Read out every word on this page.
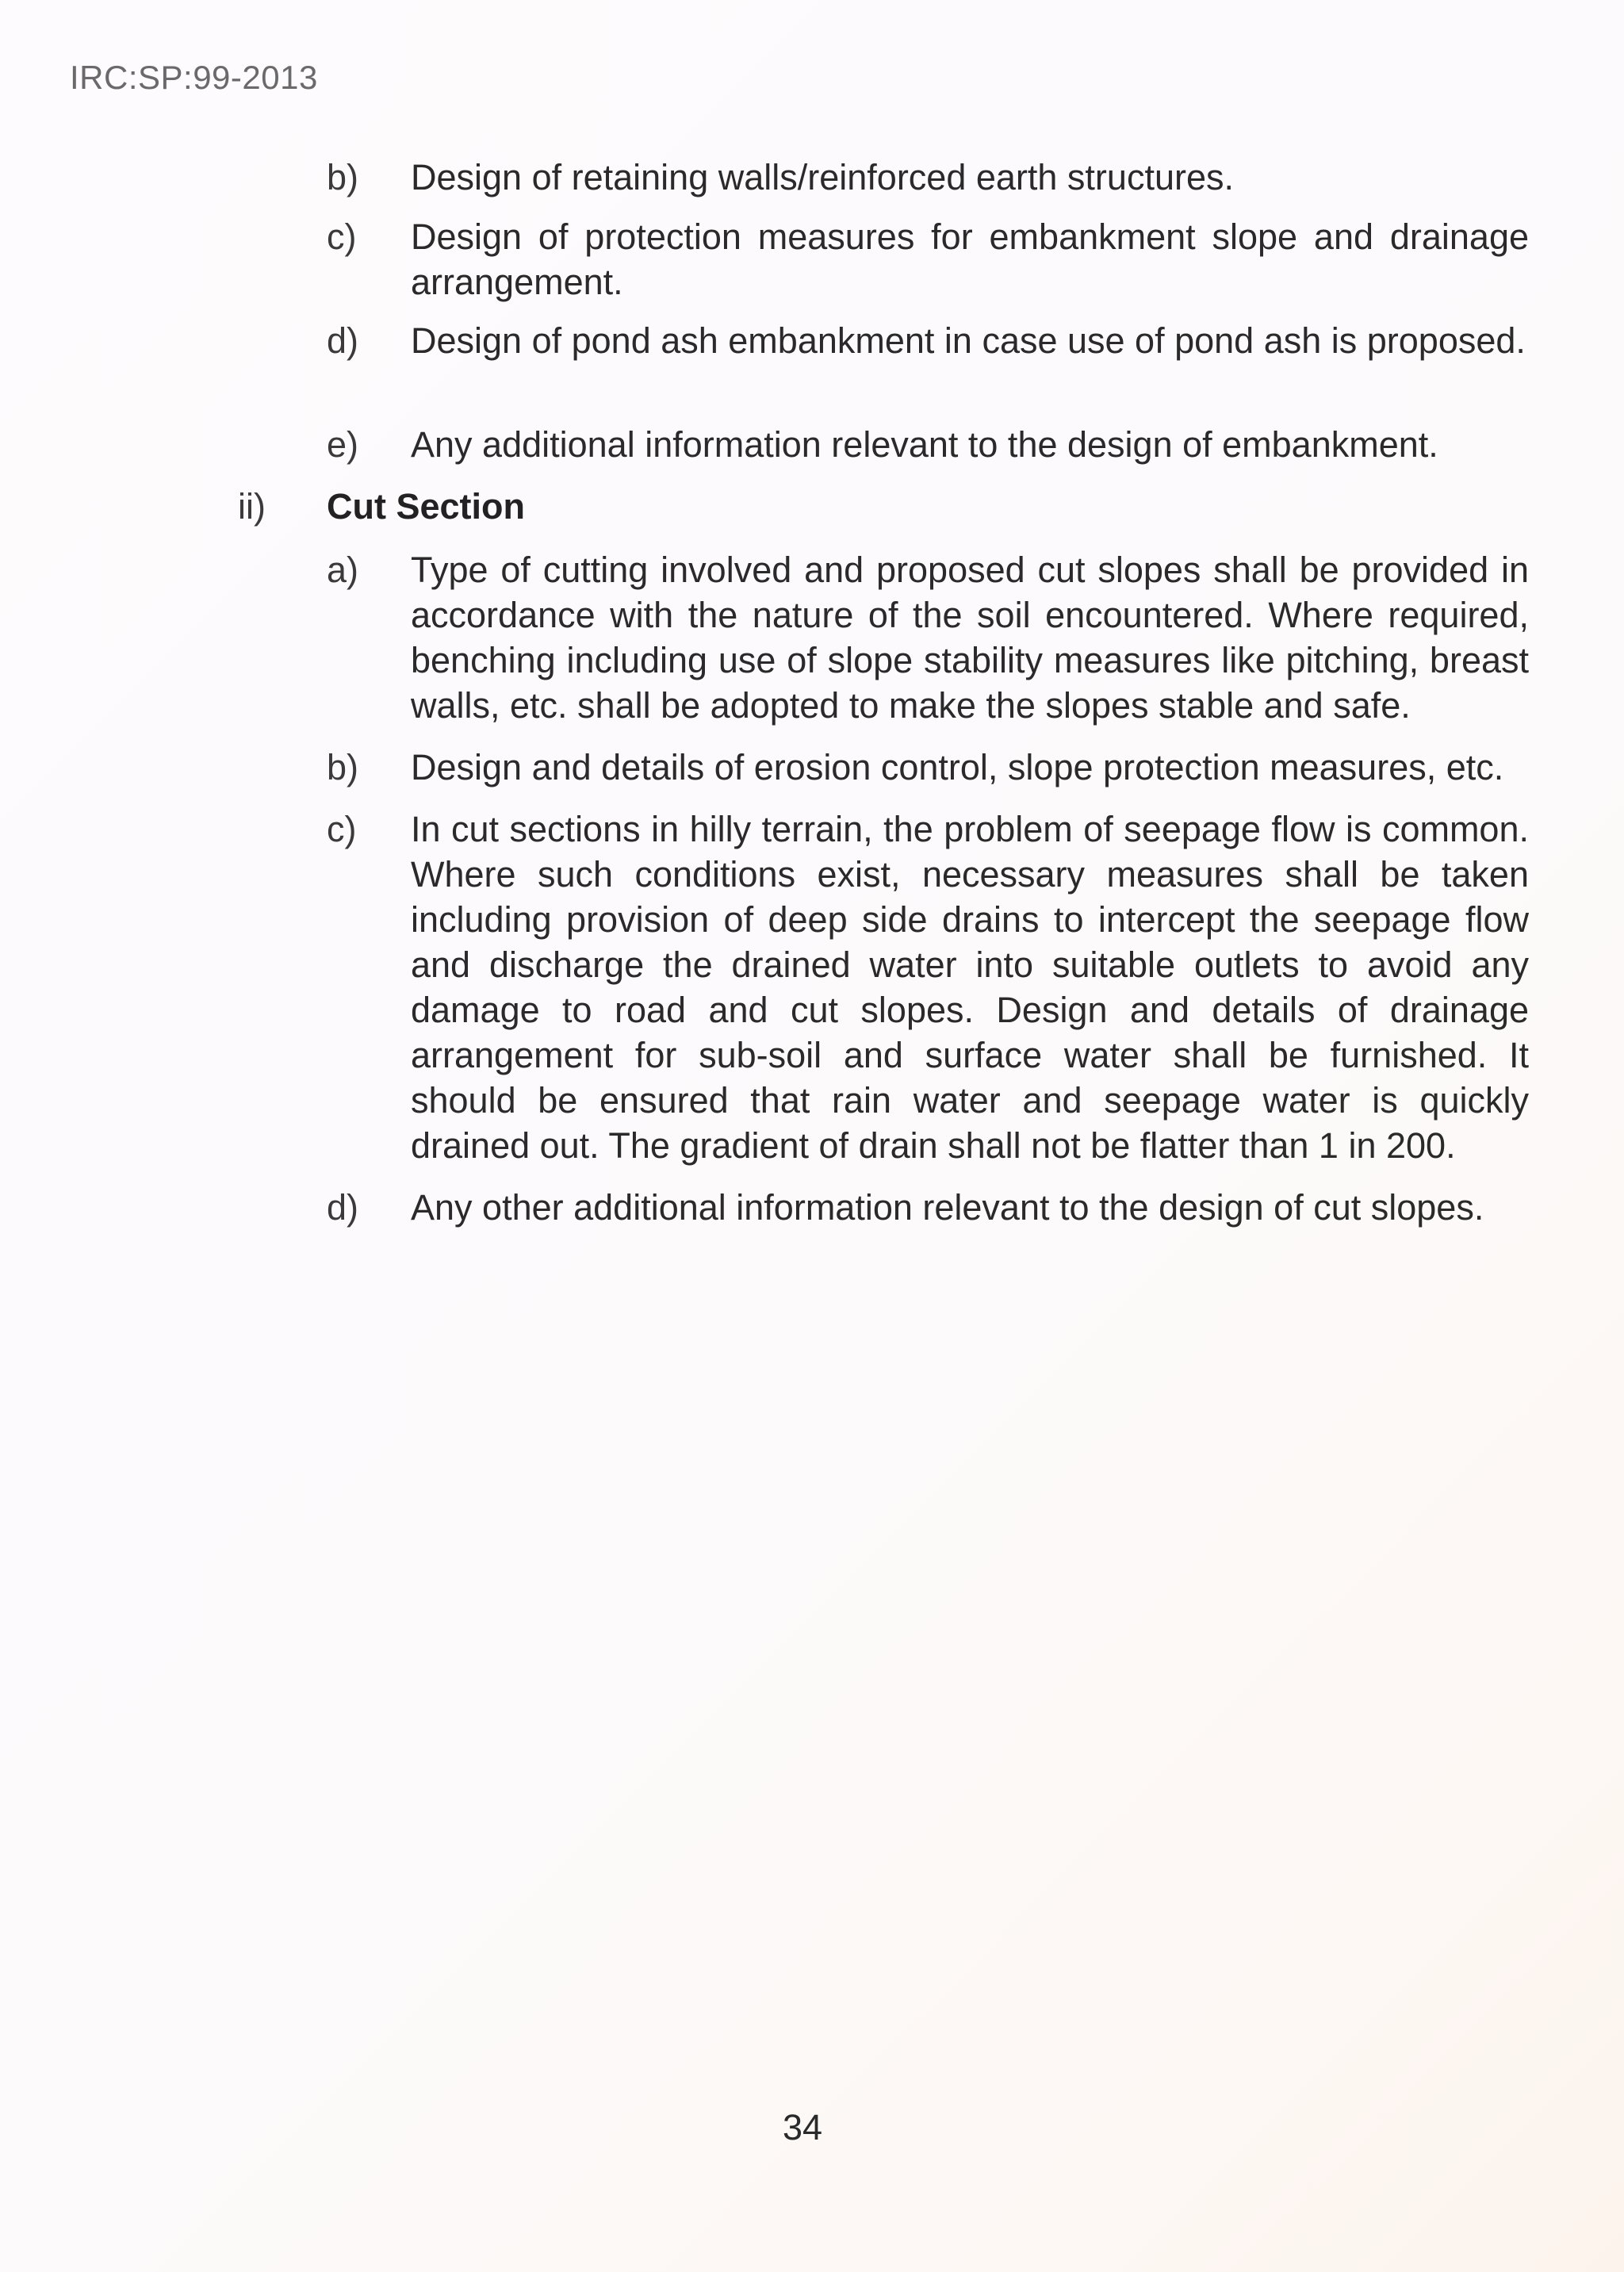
IRC:SP:99-2013
b) Design of retaining walls/reinforced earth structures.
c) Design of protection measures for embankment slope and drainage arrangement.
d) Design of pond ash embankment in case use of pond ash is proposed.
e) Any additional information relevant to the design of embankment.
ii) Cut Section
a) Type of cutting involved and proposed cut slopes shall be provided in accordance with the nature of the soil encountered. Where required, benching including use of slope stability measures like pitching, breast walls, etc. shall be adopted to make the slopes stable and safe.
b) Design and details of erosion control, slope protection measures, etc.
c) In cut sections in hilly terrain, the problem of seepage flow is common. Where such conditions exist, necessary measures shall be taken including provision of deep side drains to intercept the seepage flow and discharge the drained water into suitable outlets to avoid any damage to road and cut slopes. Design and details of drainage arrangement for sub-soil and surface water shall be furnished. It should be ensured that rain water and seepage water is quickly drained out. The gradient of drain shall not be flatter than 1 in 200.
d) Any other additional information relevant to the design of cut slopes.
34
